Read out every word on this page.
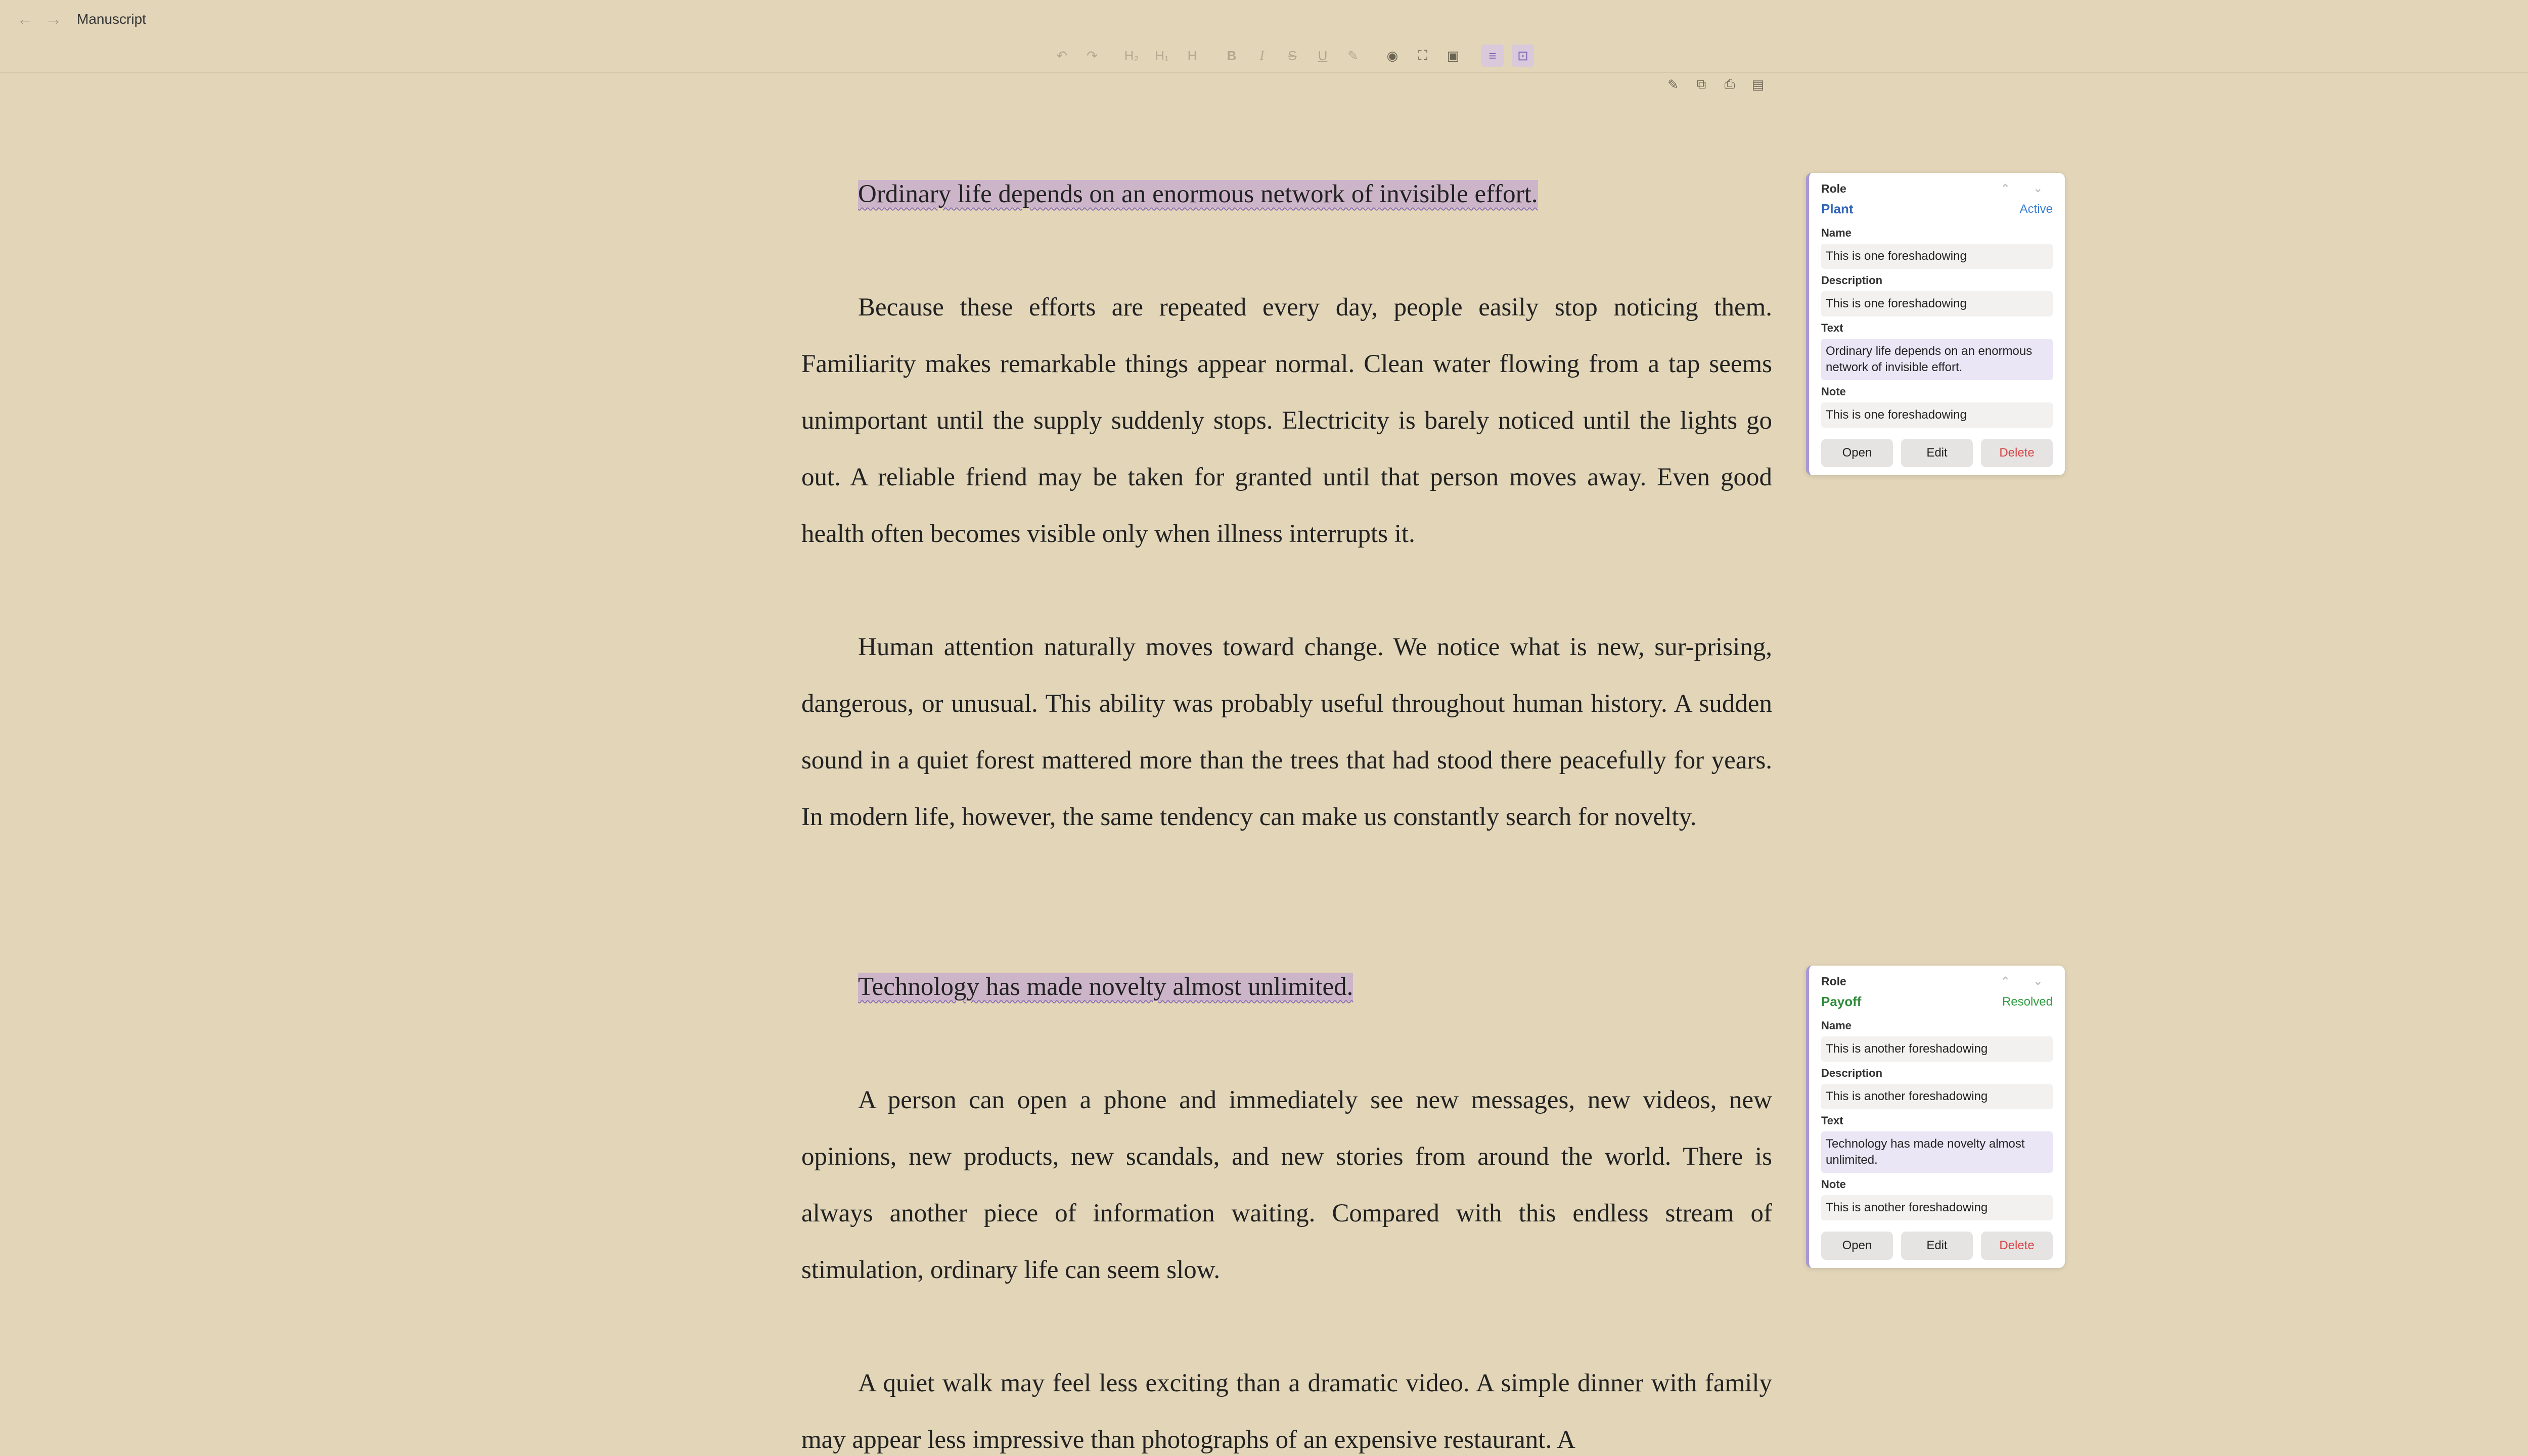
← → Manuscript
↶	↷	H₂	H₁	H	B	I	S	U	✎	◉	⛶	▣	≡	⊡
✎	⧉	⎙	▤

Ordinary life depends on an enormous network of invisible effort.

Because these efforts are repeated every day, people easily stop noticing them. Familiarity makes remarkable things appear normal. Clean water flowing from a tap seems unimportant until the supply suddenly stops. Electricity is barely noticed until the lights go out. A reliable friend may be taken for granted until that person moves away. Even good health often becomes visible only when illness interrupts it.

Human attention naturally moves toward change. We notice what is new, sur-prising, dangerous, or unusual. This ability was probably useful throughout human history. A sudden sound in a quiet forest mattered more than the trees that had stood there peacefully for years. In modern life, however, the same tendency can make us constantly search for novelty.

Technology has made novelty almost unlimited.

A person can open a phone and immediately see new messages, new videos, new opinions, new products, new scandals, and new stories from around the world. There is always another piece of information waiting. Compared with this endless stream of stimulation, ordinary life can seem slow.

A quiet walk may feel less exciting than a dramatic video. A simple dinner with family may appear less impressive than photographs of an expensive restaurant. A

Role	⌃ ⌄
Plant	Active
Name
This is one foreshadowing
Description
This is one foreshadowing
Text
Ordinary life depends on an enormous network of invisible effort.
Note
This is one foreshadowing
Open	Edit	Delete
Role	⌃ ⌄
Payoff	Resolved
Name
This is another foreshadowing
Description
This is another foreshadowing
Text
Technology has made novelty almost unlimited.
Note
This is another foreshadowing
Open	Edit	Delete
